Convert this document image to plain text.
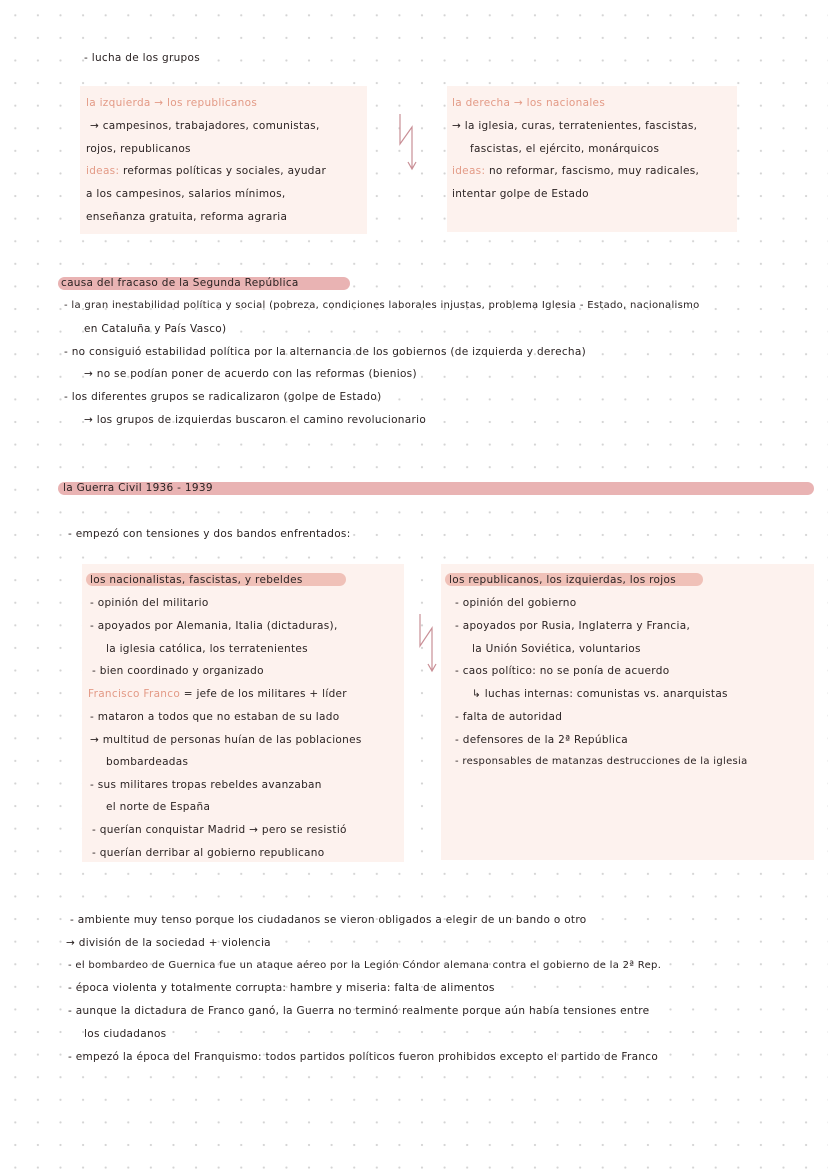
- lucha de los grupos
la izquierda → los republicanos
→ campesinos, trabajadores, comunistas,
rojos, republicanos
ideas: reformas políticas y sociales, ayudar
a los campesinos, salarios mínimos,
enseñanza gratuita, reforma agraria
la derecha → los nacionales
→ la iglesia, curas, terratenientes, fascistas,
fascistas, el ejército, monárquicos
ideas: no reformar, fascismo, muy radicales,
intentar golpe de Estado
causa del fracaso de la Segunda República
- la gran inestabilidad política y social (pobreza, condiciones laborales injustas, problema Iglesia - Estado, nacionalismo
en Cataluña y País Vasco)
- no consiguió estabilidad política por la alternancia de los gobiernos (de izquierda y derecha)
→ no se podían poner de acuerdo con las reformas (bienios)
- los diferentes grupos se radicalizaron (golpe de Estado)
→ los grupos de izquierdas buscaron el camino revolucionario
la Guerra Civil 1936 - 1939
- empezó con tensiones y dos bandos enfrentados:
los nacionalistas, fascistas, y rebeldes
- opinión del militario
- apoyados por Alemania, Italia (dictaduras),
la iglesia católica, los terratenientes
- bien coordinado y organizado
Francisco Franco = jefe de los militares + líder
- mataron a todos que no estaban de su lado
→ multitud de personas huían de las poblaciones
bombardeadas
- sus militares tropas rebeldes avanzaban
el norte de España
- querían conquistar Madrid → pero se resistió
- querían derribar al gobierno republicano
los republicanos, los izquierdas, los rojos
- opinión del gobierno
- apoyados por Rusia, Inglaterra y Francia,
la Unión Soviética, voluntarios
- caos político: no se ponía de acuerdo
↳ luchas internas: comunistas vs. anarquistas
- falta de autoridad
- defensores de la 2ª República
- responsables de matanzas destrucciones de la iglesia
- ambiente muy tenso porque los ciudadanos se vieron obligados a elegir de un bando o otro
→ división de la sociedad + violencia
- el bombardeo de Guernica fue un ataque aéreo por la Legión Cóndor alemana contra el gobierno de la 2ª Rep.
- época violenta y totalmente corrupta: hambre y miseria: falta de alimentos
- aunque la dictadura de Franco ganó, la Guerra no terminó realmente porque aún había tensiones entre
los ciudadanos
- empezó la época del Franquismo: todos partidos políticos fueron prohibidos excepto el partido de Franco
